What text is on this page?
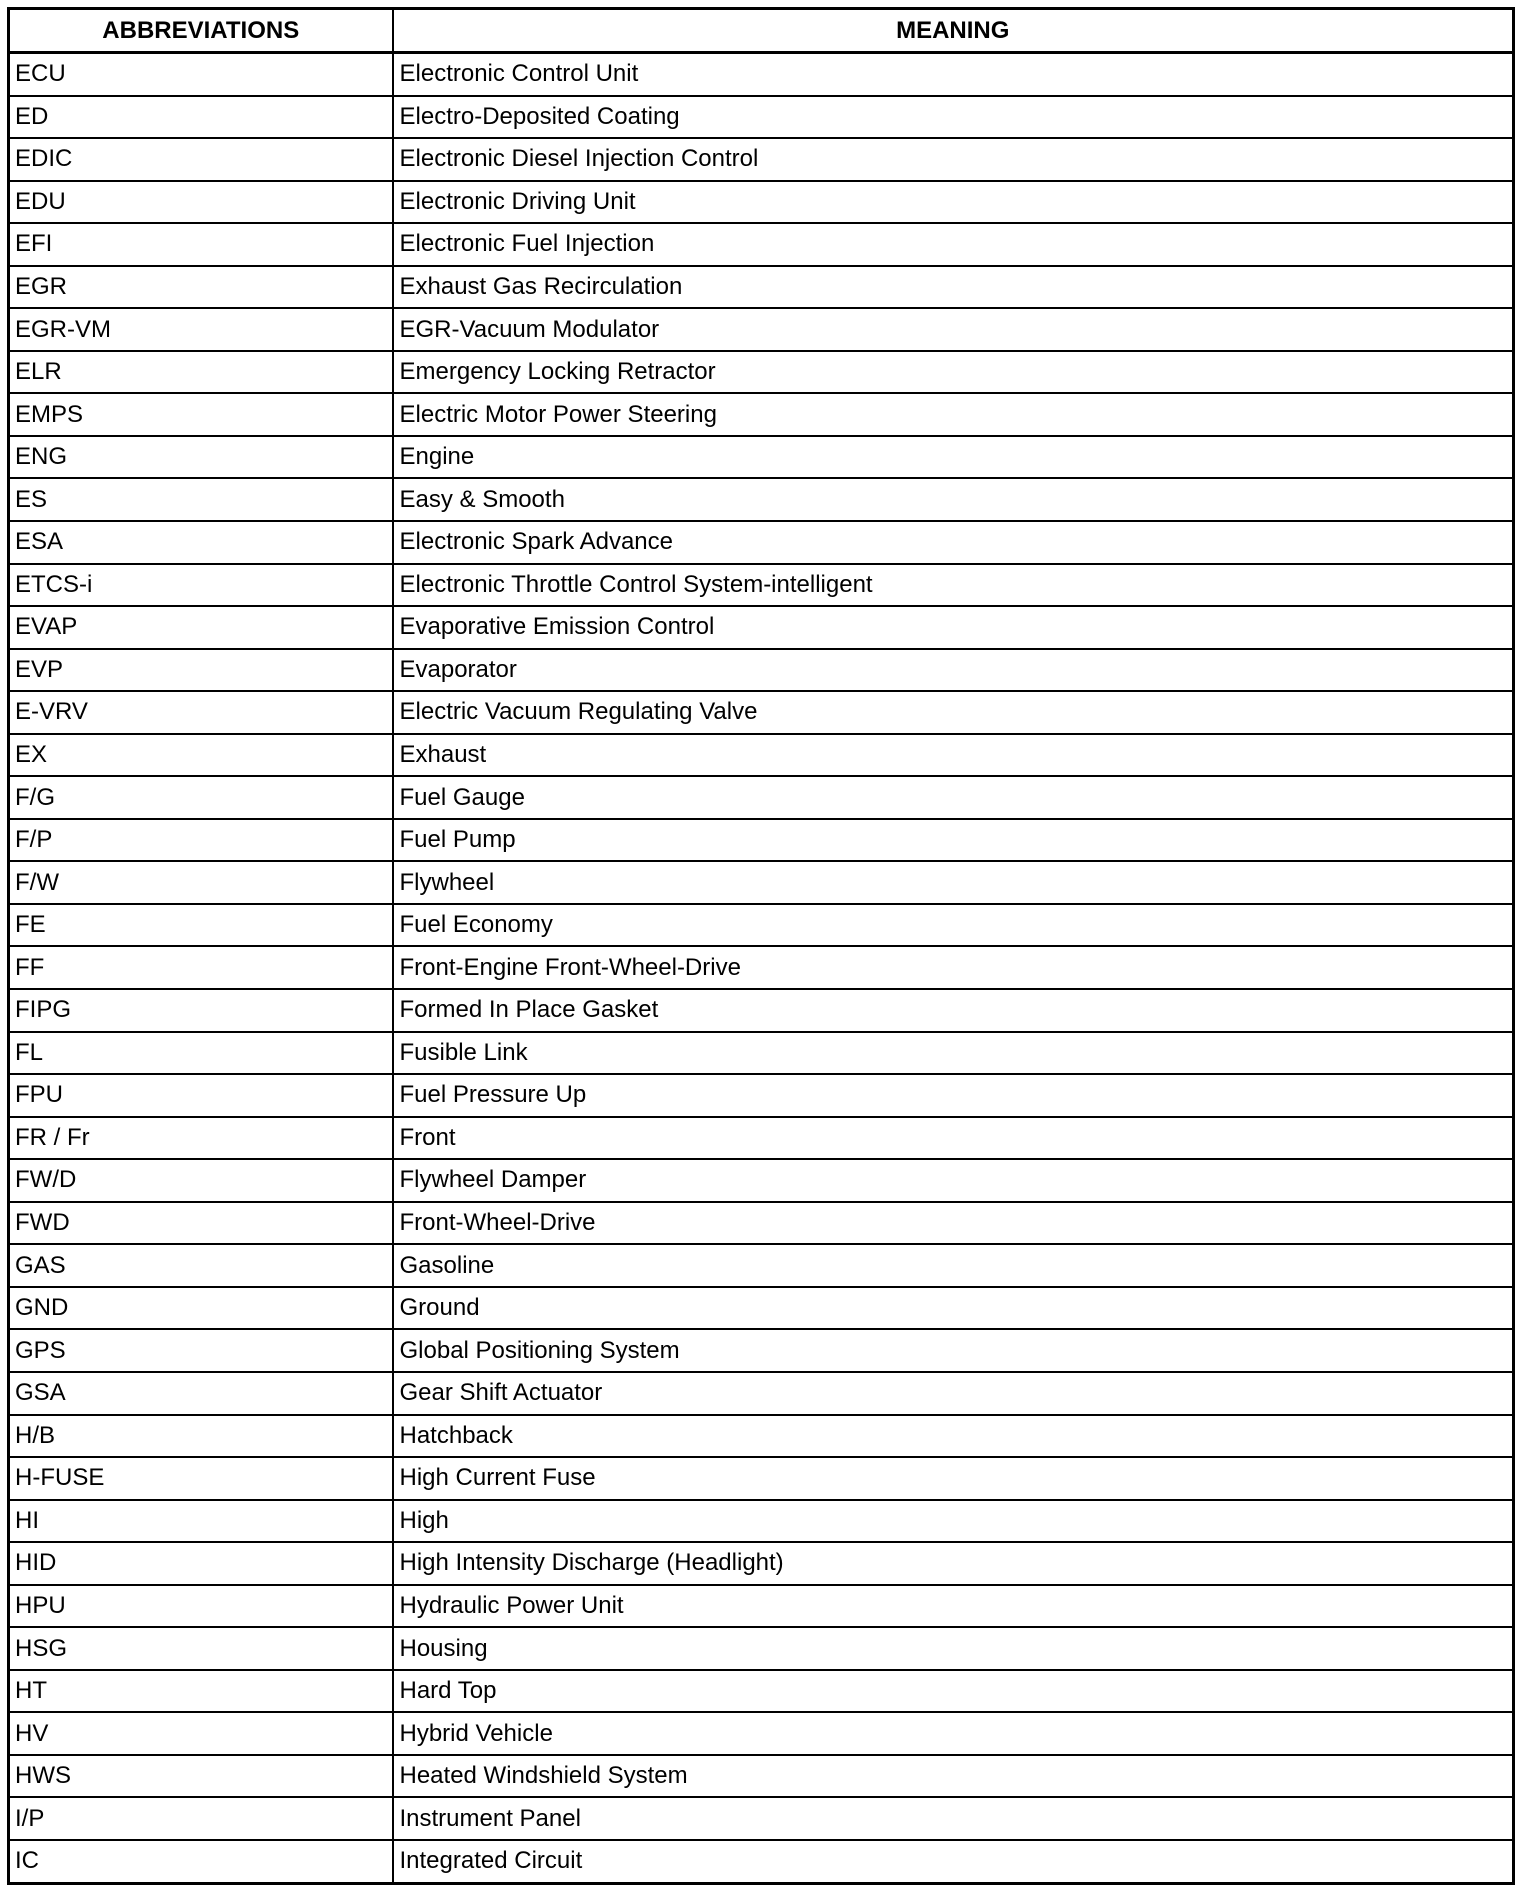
ABBREVIATIONS	MEANING
ECU	Electronic Control Unit
ED	Electro-Deposited Coating
EDIC	Electronic Diesel Injection Control
EDU	Electronic Driving Unit
EFI	Electronic Fuel Injection
EGR	Exhaust Gas Recirculation
EGR-VM	EGR-Vacuum Modulator
ELR	Emergency Locking Retractor
EMPS	Electric Motor Power Steering
ENG	Engine
ES	Easy & Smooth
ESA	Electronic Spark Advance
ETCS-i	Electronic Throttle Control System-intelligent
EVAP	Evaporative Emission Control
EVP	Evaporator
E-VRV	Electric Vacuum Regulating Valve
EX	Exhaust
F/G	Fuel Gauge
F/P	Fuel Pump
F/W	Flywheel
FE	Fuel Economy
FF	Front-Engine Front-Wheel-Drive
FIPG	Formed In Place Gasket
FL	Fusible Link
FPU	Fuel Pressure Up
FR / Fr	Front
FW/D	Flywheel Damper
FWD	Front-Wheel-Drive
GAS	Gasoline
GND	Ground
GPS	Global Positioning System
GSA	Gear Shift Actuator
H/B	Hatchback
H-FUSE	High Current Fuse
HI	High
HID	High Intensity Discharge (Headlight)
HPU	Hydraulic Power Unit
HSG	Housing
HT	Hard Top
HV	Hybrid Vehicle
HWS	Heated Windshield System
I/P	Instrument Panel
IC	Integrated Circuit
